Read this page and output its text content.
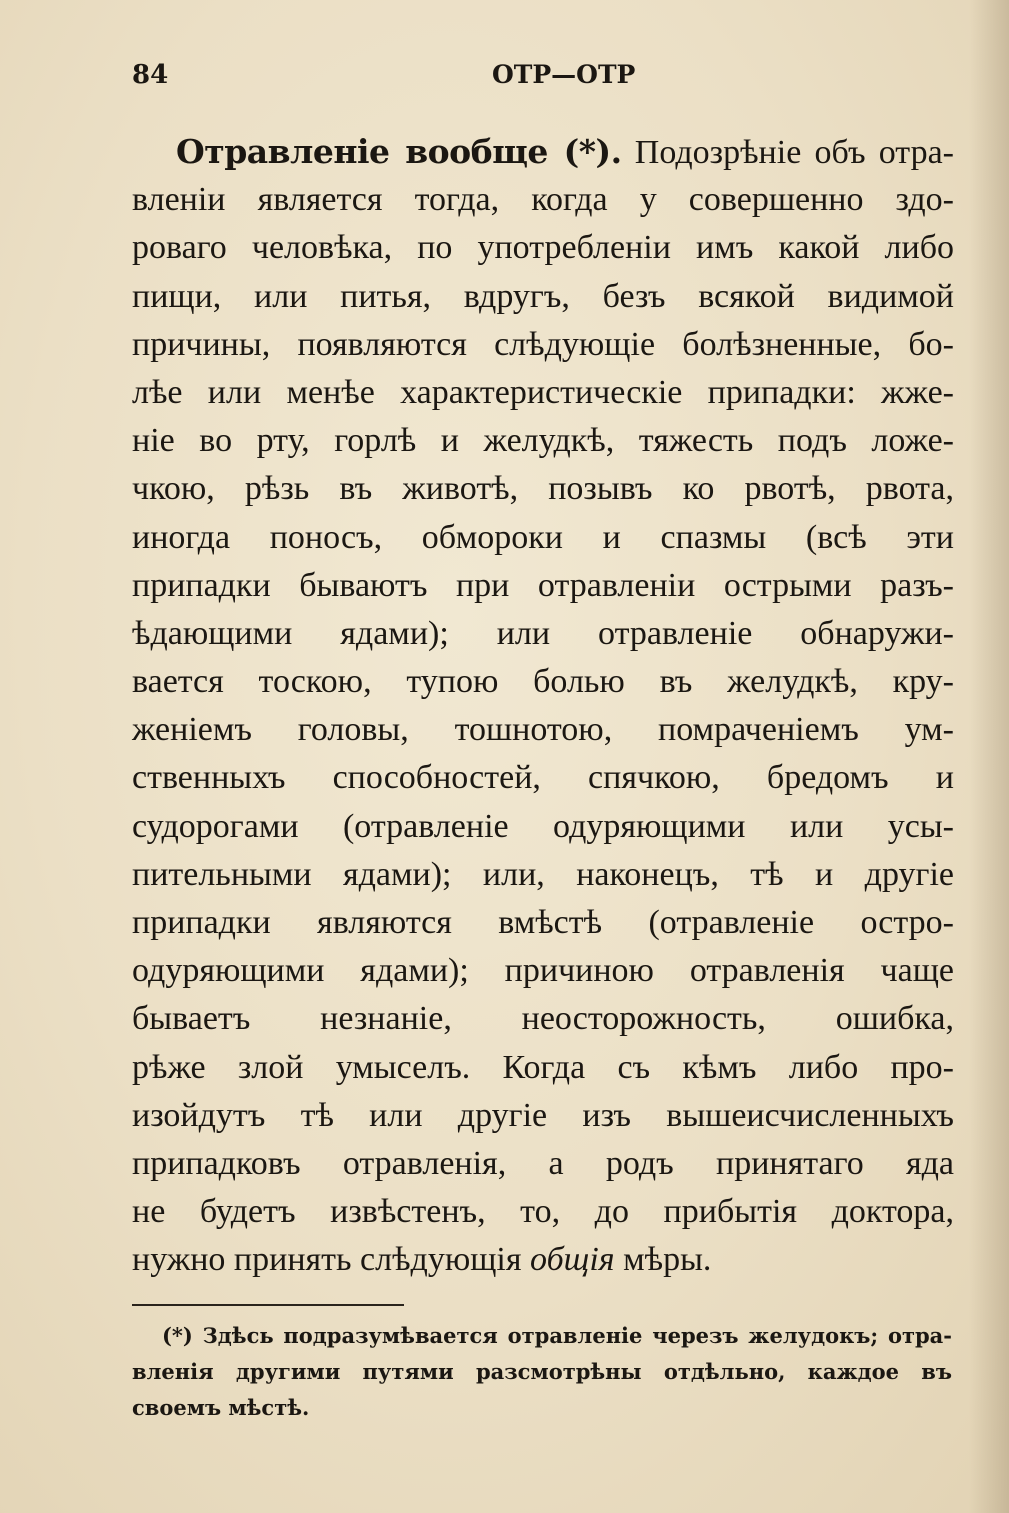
84	ОТР—ОТР
Отравленіе вообще (*). Подозрѣніе объ отра-
вленіи является тогда, когда у совершенно здо-
роваго человѣка, по употребленіи имъ какой либо
пищи, или питья, вдругъ, безъ всякой видимой
причины, появляются слѣдующіе болѣзненные, бо-
лѣе или менѣе характеристическіе припадки: жже-
ніе во рту, горлѣ и желудкѣ, тяжесть подъ ложе-
чкою, рѣзь въ животѣ, позывъ ко рвотѣ, рвота,
иногда поносъ, обмороки и спазмы (всѣ эти
припадки бываютъ при отравленіи острыми разъ-
ѣдающими ядами); или отравленіе обнаружи-
вается тоскою, тупою болью въ желудкѣ, кру-
женіемъ головы, тошнотою, помраченіемъ ум-
ственныхъ способностей, спячкою, бредомъ и
судорогами (отравленіе одуряющими или усы-
пительными ядами); или, наконецъ, тѣ и другіе
припадки являются вмѣстѣ (отравленіе остро-
одуряющими ядами); причиною отравленія чаще
бываетъ незнаніе, неосторожность, ошибка,
рѣже злой умыселъ. Когда съ кѣмъ либо про-
изойдутъ тѣ или другіе изъ вышеисчисленныхъ
припадковъ отравленія, а родъ принятаго яда
не будетъ извѣстенъ, то, до прибытія доктора,
нужно принять слѣдующія общія мѣры.
(*) Здѣсь подразумѣвается отравленіе черезъ желудокъ; отра-
вленія другими путями разсмотрѣны отдѣльно, каждое въ
своемъ мѣстѣ.
